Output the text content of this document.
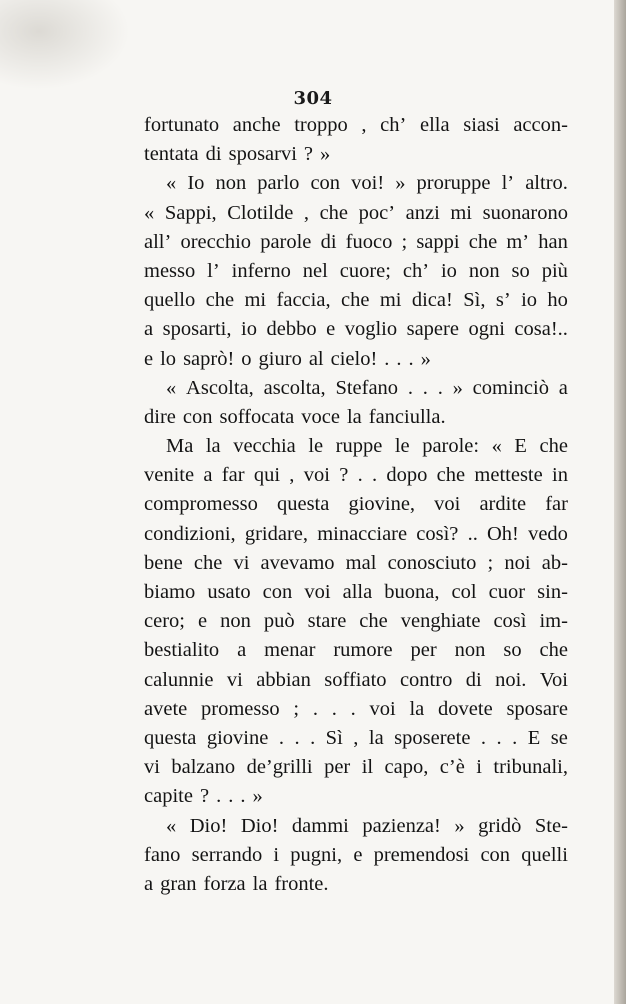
304
fortunato anche troppo , ch’ ella siasi accon-
tentata di sposarvi ? »
« Io non parlo con voi! » proruppe l’ altro.
« Sappi, Clotilde , che poc’ anzi mi suonarono
all’ orecchio parole di fuoco ; sappi che m’ han
messo l’ inferno nel cuore; ch’ io non so più
quello che mi faccia, che mi dica! Sì, s’ io ho
a sposarti, io debbo e voglio sapere ogni cosa!..
e lo saprò! o giuro al cielo! . . . »
« Ascolta, ascolta, Stefano . . . » cominciò a
dire con soffocata voce la fanciulla.
Ma la vecchia le ruppe le parole: « E che
venite a far qui , voi ? . . dopo che metteste in
compromesso questa giovine, voi ardite far
condizioni, gridare, minacciare così? .. Oh! vedo
bene che vi avevamo mal conosciuto ; noi ab-
biamo usato con voi alla buona, col cuor sin-
cero; e non può stare che venghiate così im-
bestialito a menar rumore per non so che
calunnie vi abbian soffiato contro di noi. Voi
avete promesso ; . . . voi la dovete sposare
questa giovine . . . Sì , la sposerete . . . E se
vi balzano de’grilli per il capo, c’è i tribunali,
capite ? . . . »
« Dio! Dio! dammi pazienza! » gridò Ste-
fano serrando i pugni, e premendosi con quelli
a gran forza la fronte.
